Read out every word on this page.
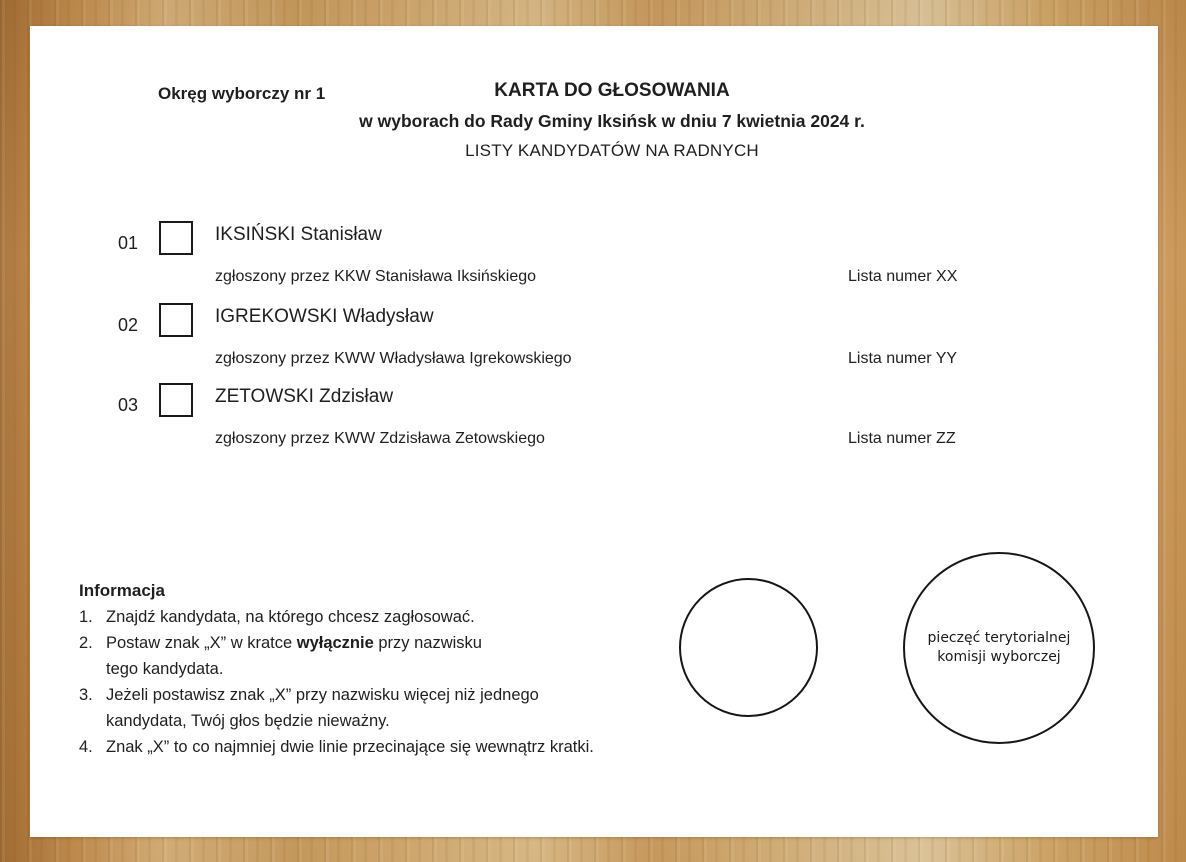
Okręg wyborczy nr 1	KARTA DO GŁOSOWANIA
w wyborach do Rady Gminy Iksińsk w dniu 7 kwietnia 2024 r.
LISTY KANDYDATÓW NA RADNYCH
01	IKSIŃSKI Stanisław
zgłoszony przez KKW Stanisława Iksińskiego	Lista numer XX
02	IGREKOWSKI Władysław
zgłoszony przez KWW Władysława Igrekowskiego	Lista numer YY
03	ZETOWSKI Zdzisław
zgłoszony przez KWW Zdzisława Zetowskiego	Lista numer ZZ
Informacja
1. Znajdź kandydata, na którego chcesz zagłosować.
2. Postaw znak „X” w kratce wyłącznie przy nazwisku
tego kandydata.
3. Jeżeli postawisz znak „X” przy nazwisku więcej niż jednego
kandydata, Twój głos będzie nieważny.
4. Znak „X” to co najmniej dwie linie przecinające się wewnątrz kratki.
pieczęć terytorialnej
komisji wyborczej
